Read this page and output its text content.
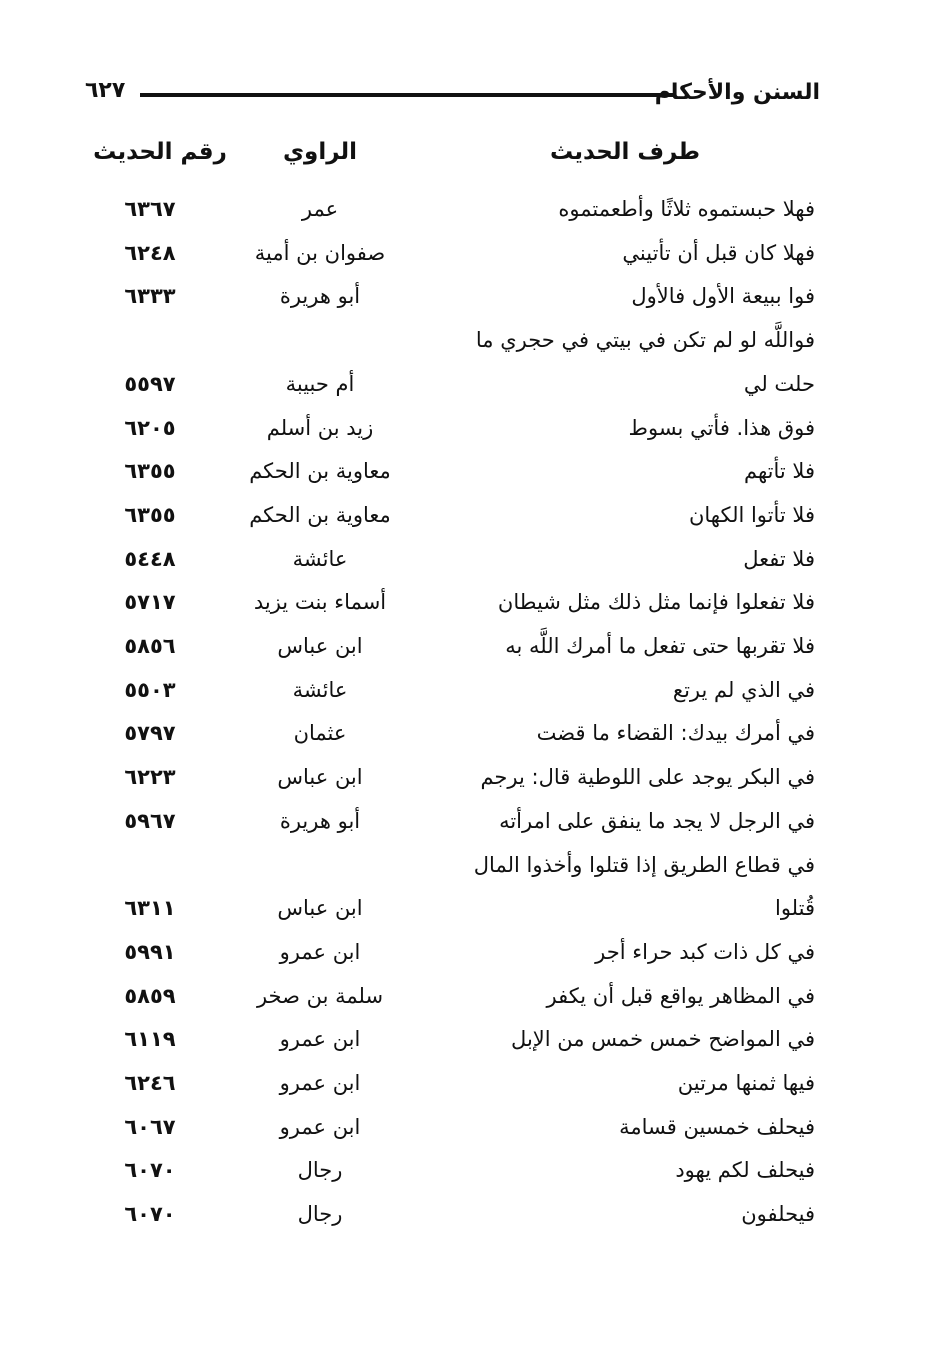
السنن والأحكام
٦٢٧
طرف الحديث
الراوي
رقم الحديث
فهلا حبستموه ثلاثًا وأطعمتموه
عمر
٦٣٦٧
فهلا كان قبل أن تأتيني
صفوان بن أمية
٦٢٤٨
فوا ببيعة الأول فالأول
أبو هريرة
٦٣٣٣
فواللَّه لو لم تكن في بيتي في حجري ما
حلت لي
أم حبيبة
٥٥٩٧
فوق هذا. فأتي بسوط
زيد بن أسلم
٦٢٠٥
فلا تأتهم
معاوية بن الحكم
٦٣٥٥
فلا تأتوا الكهان
معاوية بن الحكم
٦٣٥٥
فلا تفعل
عائشة
٥٤٤٨
فلا تفعلوا فإنما مثل ذلك مثل شيطان
أسماء بنت يزيد
٥٧١٧
فلا تقربها حتى تفعل ما أمرك اللَّه به
ابن عباس
٥٨٥٦
في الذي لم يرتع
عائشة
٥٥٠٣
في أمرك بيدك: القضاء ما قضت
عثمان
٥٧٩٧
في البكر يوجد على اللوطية قال: يرجم
ابن عباس
٦٢٢٣
في الرجل لا يجد ما ينفق على امرأته
أبو هريرة
٥٩٦٧
في قطاع الطريق إذا قتلوا وأخذوا المال
قُتلوا
ابن عباس
٦٣١١
في كل ذات كبد حراء أجر
ابن عمرو
٥٩٩١
في المظاهر يواقع قبل أن يكفر
سلمة بن صخر
٥٨٥٩
في المواضح خمس خمس من الإبل
ابن عمرو
٦١١٩
فيها ثمنها مرتين
ابن عمرو
٦٢٤٦
فيحلف خمسين قسامة
ابن عمرو
٦٠٦٧
فيحلف لكم يهود
رجال
٦٠٧٠
فيحلفون
رجال
٦٠٧٠
